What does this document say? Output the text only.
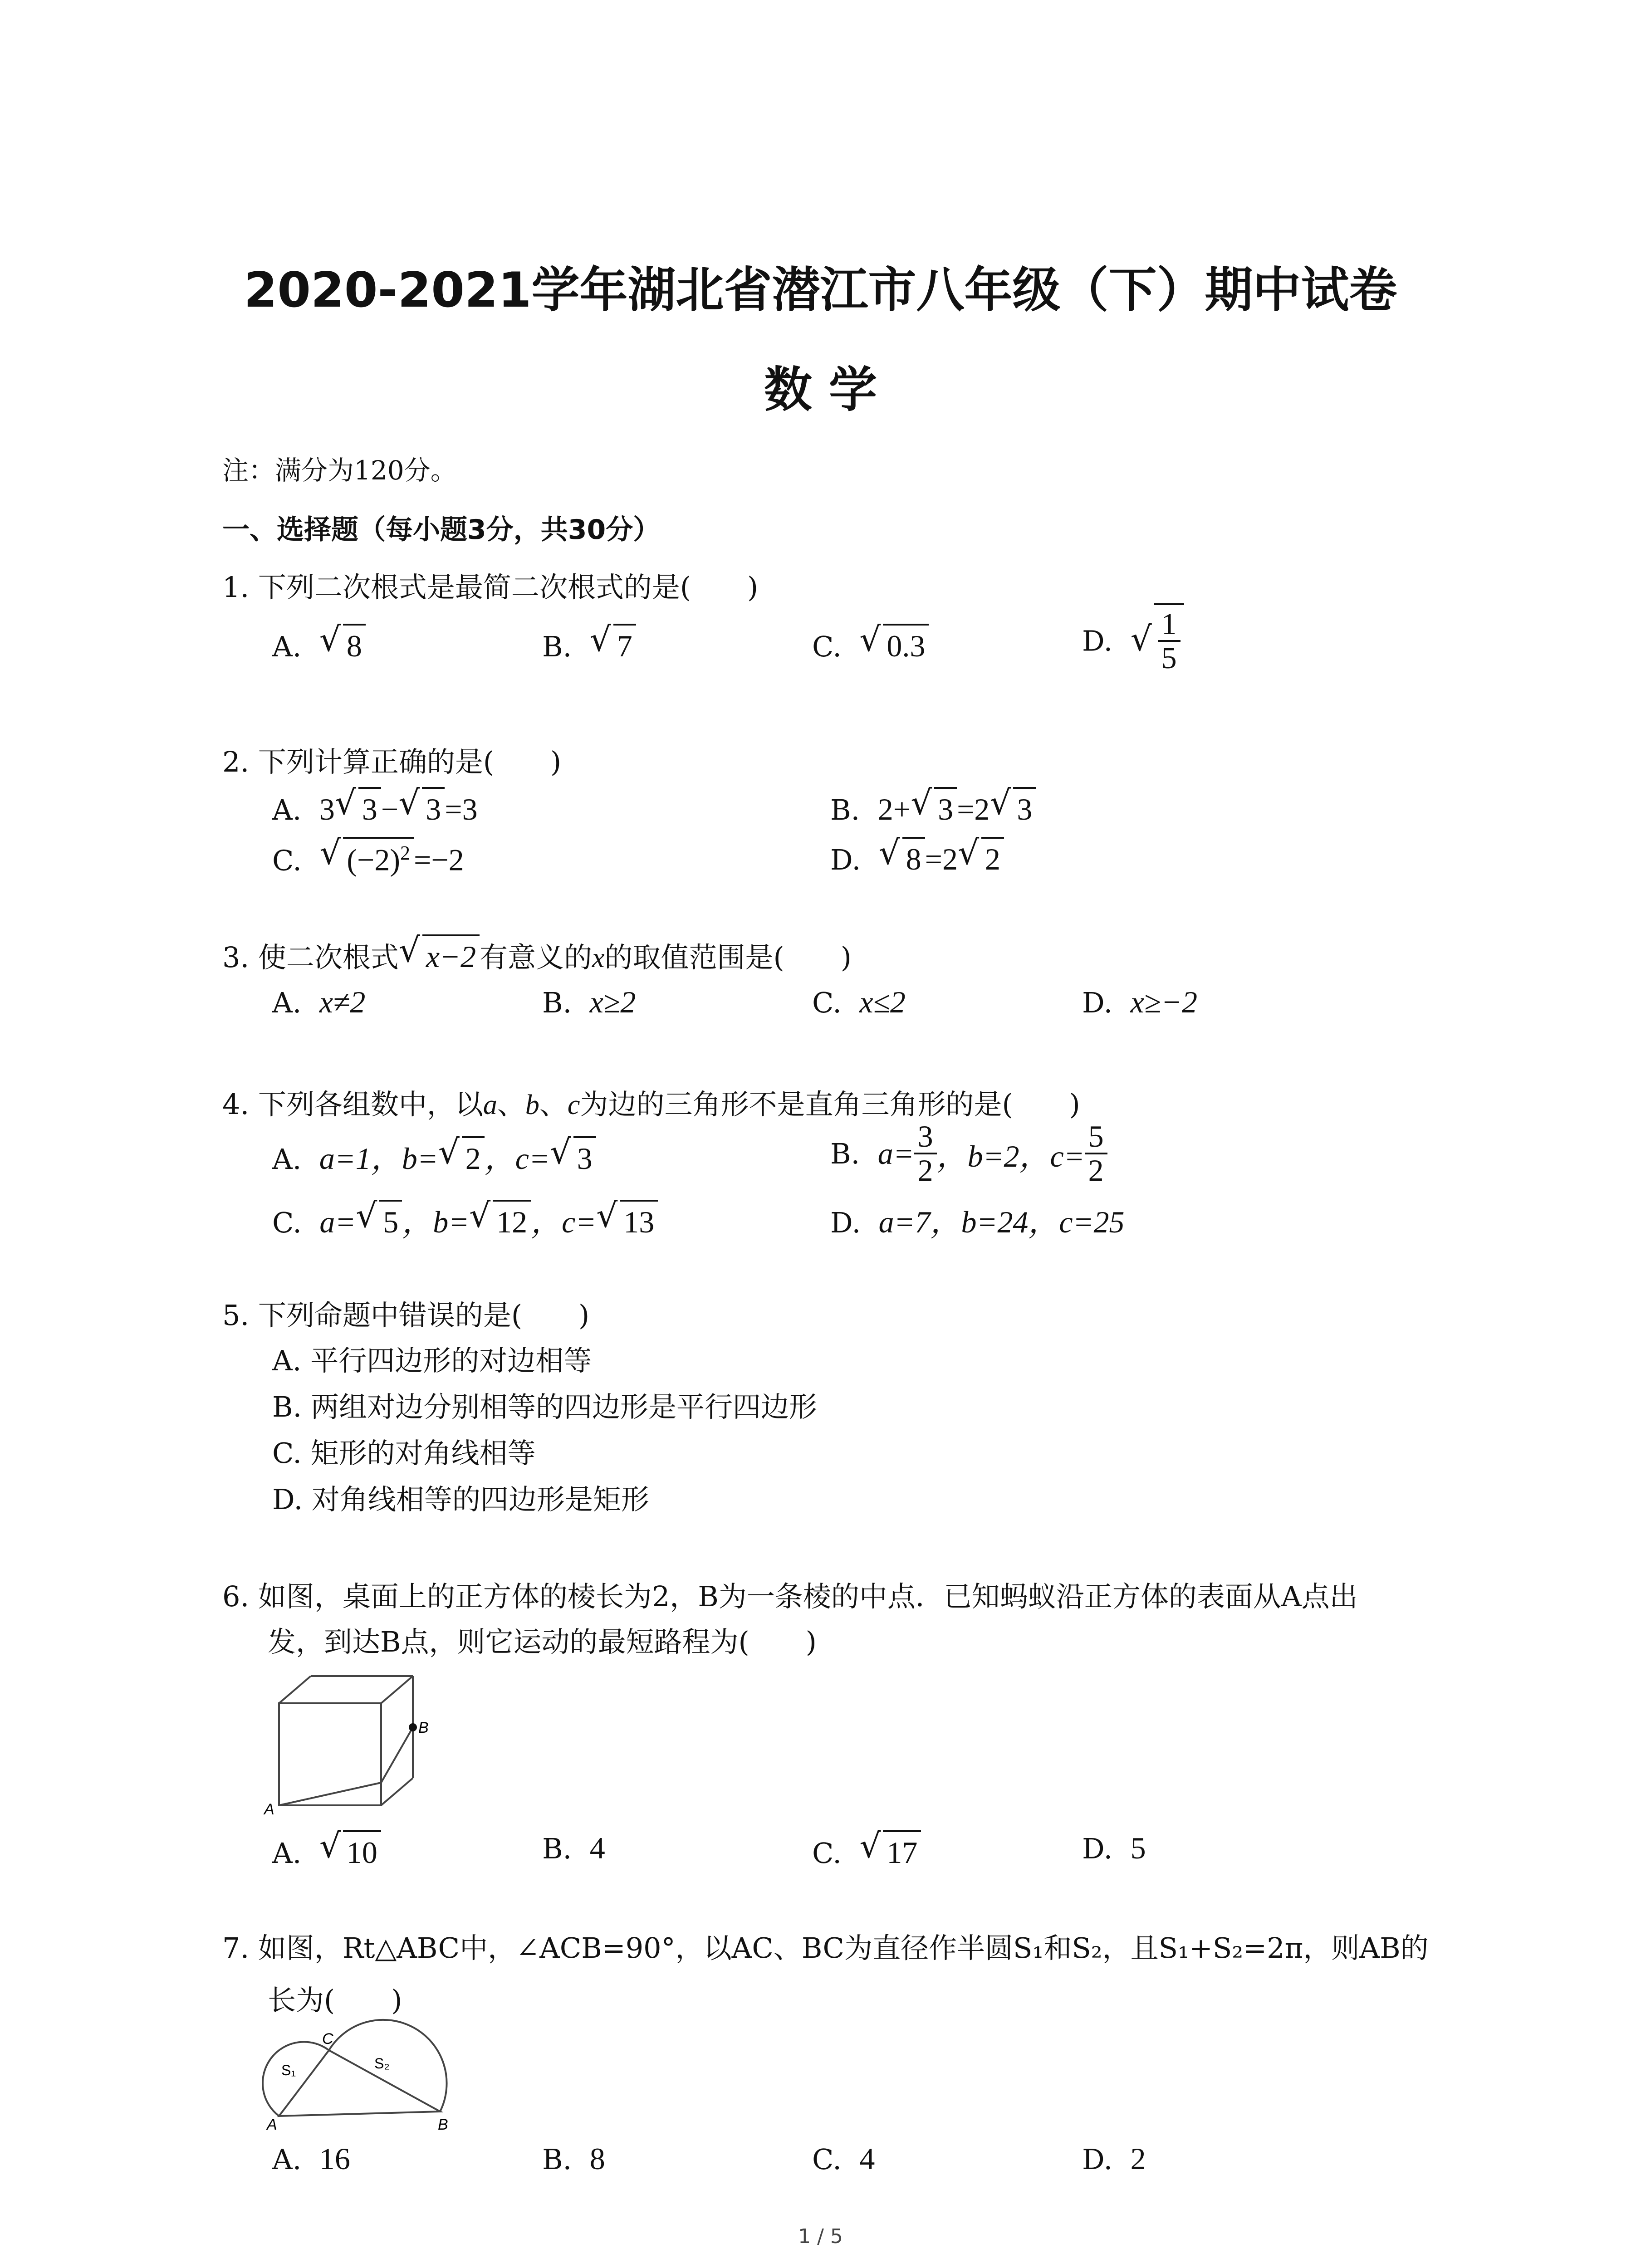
2020-2021学年湖北省潜江市八年级（下）期中试卷
数 学
注：满分为120分。
一、选择题（每小题3分，共30分）
1. 下列二次根式是最简二次根式的是(　　)
A. √ 8	B. √ 7	C. √ 0.3	D. √ $\frac{1}{5}$
2. 下列计算正确的是(　　)
A. 3 √ 3 − √ 3 =3	B. 2+ √ 3 =2 √ 3
C. √ $(-2)^2 =-2$	D. √ 8 =2 √ 2
3. 使二次根式 √ x−2 有意义的x的取值范围是(　　)
A. x≠2	B. x≥2	C. x≤2	D. x≥−2
4. 下列各组数中，以a、b、c为边的三角形不是直角三角形的是(　　)
A. a=1，b= √ 2 ，c= √ 3	B. $a= \frac{3}{2}$ ，b=2，$c= \frac{5}{2}$
C. a= √ 5 ，b= √ 12 ，c= √ 13	D. a=7，b=24，c=25
5. 下列命题中错误的是(　　)
A. 平行四边形的对边相等
B. 两组对边分别相等的四边形是平行四边形
C. 矩形的对角线相等
D. 对角线相等的四边形是矩形
6. 如图，桌面上的正方体的棱长为2，B为一条棱的中点．已知蚂蚁沿正方体的表面从A点出
发，到达B点，则它运动的最短路程为(　　)
A
B
A. √ 10	B. 4	C. √ 17	D. 5
7. 如图，Rt△ABC中，∠ACB=90°，以AC、BC为直径作半圆S₁和S₂，且S₁+S₂=2π，则AB的
长为(　　)
A	B
C
S₁	S₂
A. 16	B. 8	C. 4	D. 2
1 / 5
